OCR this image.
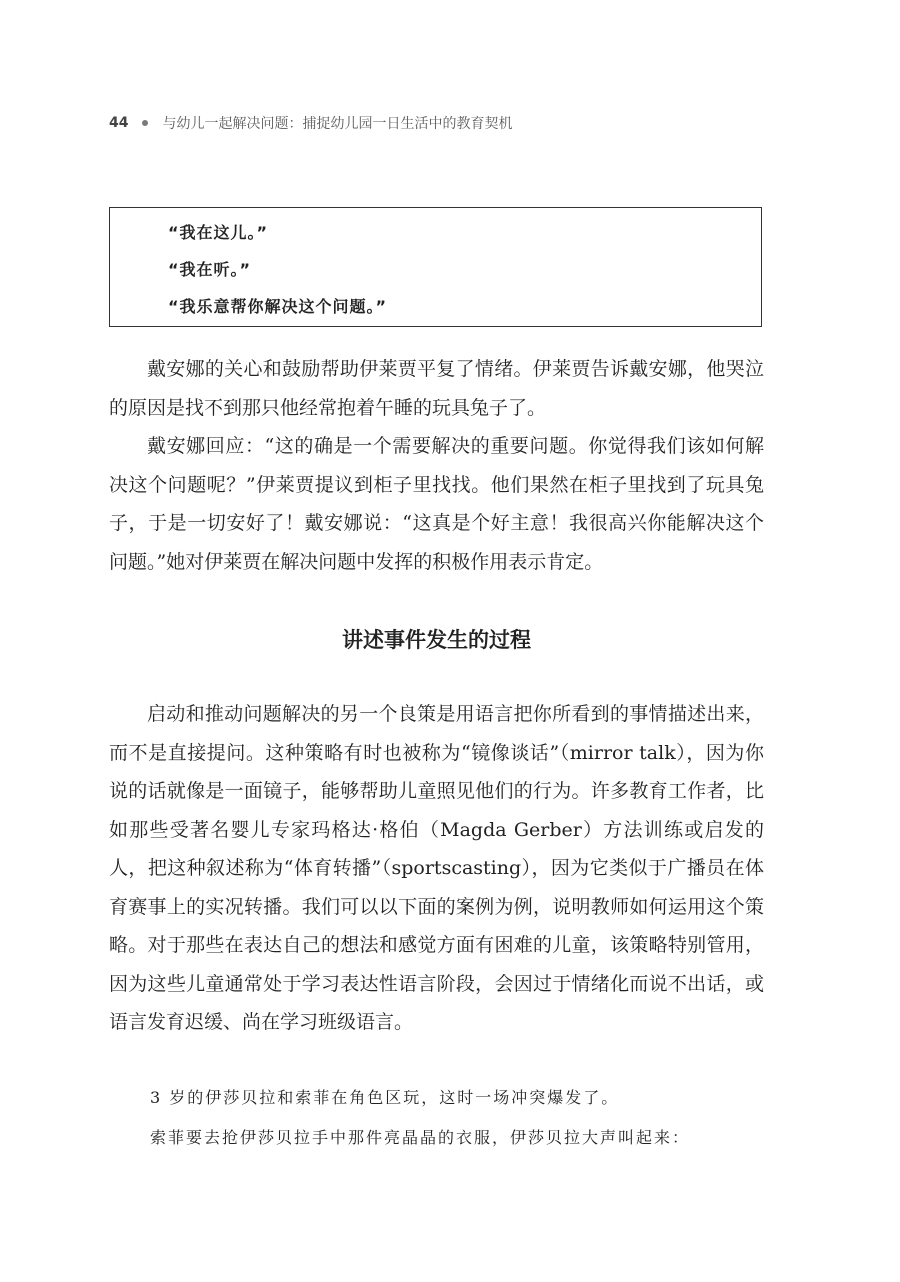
44 与幼儿一起解决问题：捕捉幼儿园一日生活中的教育契机
“我在这儿。”
“我在听。”
“我乐意帮你解决这个问题。”

戴安娜的关心和鼓励帮助伊莱贾平复了情绪。伊莱贾告诉戴安娜，他哭泣的原因是找不到那只他经常抱着午睡的玩具兔子了。

戴安娜回应：“这的确是一个需要解决的重要问题。你觉得我们该如何解决这个问题呢？”伊莱贾提议到柜子里找找。他们果然在柜子里找到了玩具兔子，于是一切安好了！戴安娜说：“这真是个好主意！我很高兴你能解决这个问题。”她对伊莱贾在解决问题中发挥的积极作用表示肯定。

讲述事件发生的过程

启动和推动问题解决的另一个良策是用语言把你所看到的事情描述出来，而不是直接提问。这种策略有时也被称为“镜像谈话”（mirror talk），因为你说的话就像是一面镜子，能够帮助儿童照见他们的行为。许多教育工作者，比如那些受著名婴儿专家玛格达·格伯（Magda Gerber）方法训练或启发的人，把这种叙述称为“体育转播”（sportscasting），因为它类似于广播员在体育赛事上的实况转播。我们可以以下面的案例为例，说明教师如何运用这个策略。对于那些在表达自己的想法和感觉方面有困难的儿童，该策略特别管用，因为这些儿童通常处于学习表达性语言阶段，会因过于情绪化而说不出话，或语言发育迟缓、尚在学习班级语言。

3 岁的伊莎贝拉和索菲在角色区玩，这时一场冲突爆发了。
索菲要去抢伊莎贝拉手中那件亮晶晶的衣服，伊莎贝拉大声叫起来：
